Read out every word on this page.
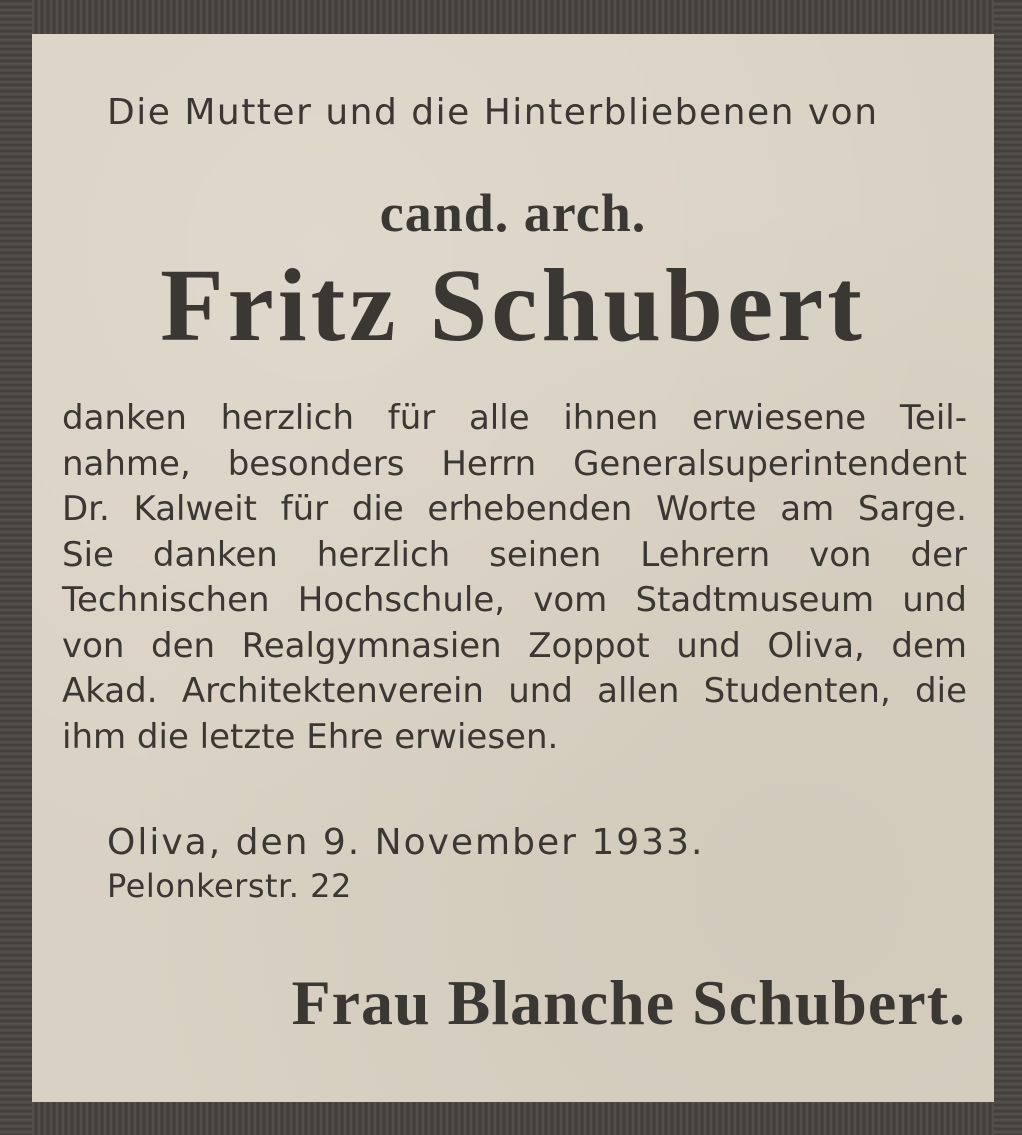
Die Mutter und die Hinterbliebenen von
cand. arch.
Fritz Schubert
danken herzlich für alle ihnen erwiesene Teil-
nahme, besonders Herrn Generalsuperintendent
Dr. Kalweit für die erhebenden Worte am Sarge.
Sie danken herzlich seinen Lehrern von der
Technischen Hochschule, vom Stadtmuseum und
von den Realgymnasien Zoppot und Oliva, dem
Akad. Architektenverein und allen Studenten, die
ihm die letzte Ehre erwiesen.
Oliva, den 9. November 1933.
Pelonkerstr. 22
Frau Blanche Schubert.
